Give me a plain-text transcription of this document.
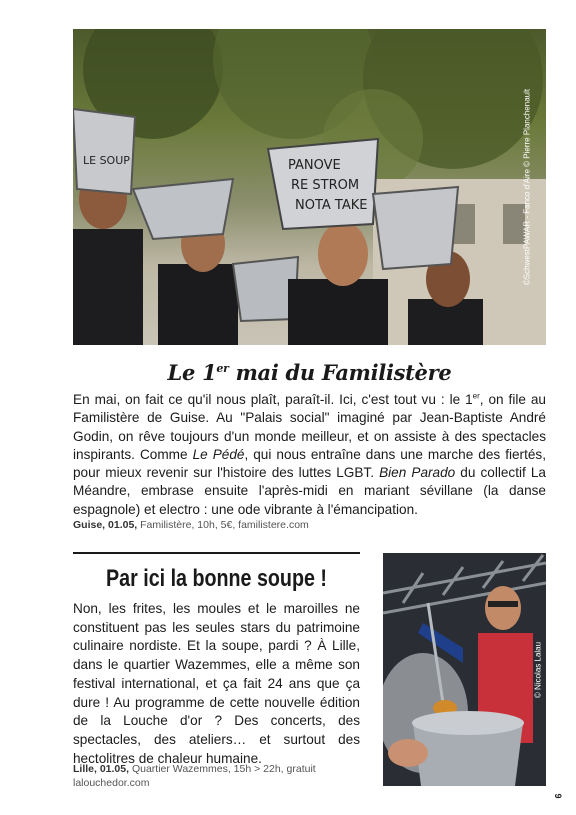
PANOVE
RE STROM
NOTA TAKE
LE SOUP	©SchwestPAWAR - Fanco d'Aire © Pierre Planchenault
Le 1er mai du Familistère
En mai, on fait ce qu'il nous plaît, paraît-il. Ici, c'est tout vu : le 1er, on file au Familistère de Guise. Au "Palais social" imaginé par Jean-Baptiste André Godin, on rêve toujours d'un monde meilleur, et on assiste à des spectacles inspirants. Comme Le Pédé, qui nous entraîne dans une marche des fiertés, pour mieux revenir sur l'histoire des luttes LGBT. Bien Parado du collectif La Méandre, embrase ensuite l'après-midi en mariant sévillane (la danse espagnole) et electro : une ode vibrante à l'émancipation.
Guise, 01.05, Familistère, 10h, 5€, familistere.com
Par ici la bonne soupe !
Non, les frites, les moules et le maroilles ne constituent pas les seules stars du patrimoine culinaire nordiste. Et la soupe, pardi ? À Lille, dans le quartier Wazemmes, elle a même son festival international, et ça fait 24 ans que ça dure ! Au programme de cette nouvelle édition de la Louche d'or ? Des concerts, des spectacles, des ateliers… et surtout des hectolitres de chaleur humaine.
Lille, 01.05, Quartier Wazemmes, 15h > 22h, gratuit
lalouchedor.com
© Nicolas Lalau
9
